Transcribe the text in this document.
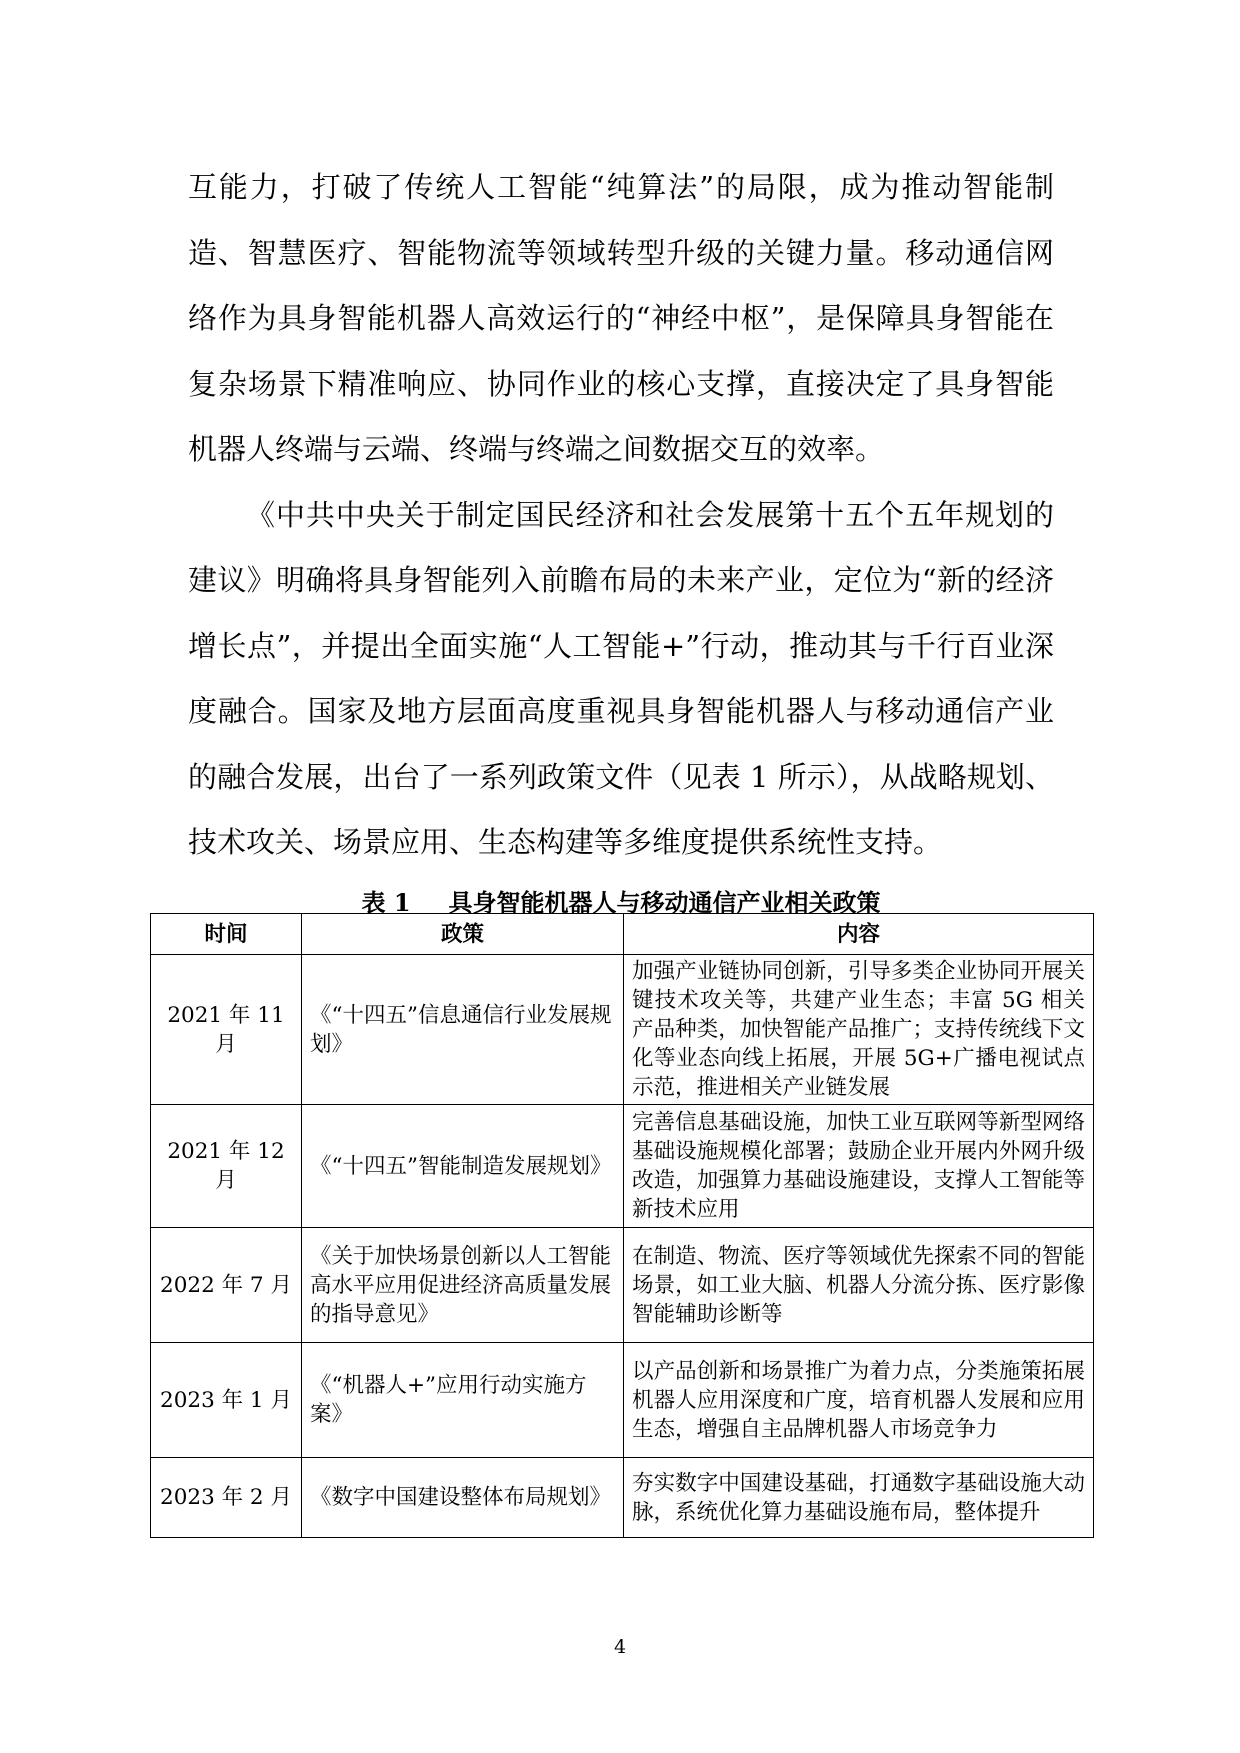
互能力，打破了传统人工智能“纯算法”的局限，成为推动智能制造、智慧医疗、智能物流等领域转型升级的关键力量。移动通信网络作为具身智能机器人高效运行的“神经中枢”，是保障具身智能在复杂场景下精准响应、协同作业的核心支撑，直接决定了具身智能机器人终端与云端、终端与终端之间数据交互的效率。

《中共中央关于制定国民经济和社会发展第十五个五年规划的建议》明确将具身智能列入前瞻布局的未来产业，定位为“新的经济增长点”，并提出全面实施“人工智能+”行动，推动其与千行百业深度融合。国家及地方层面高度重视具身智能机器人与移动通信产业的融合发展，出台了一系列政策文件（见表 1 所示），从战略规划、技术攻关、场景应用、生态构建等多维度提供系统性支持。

表 1 具身智能机器人与移动通信产业相关政策
时间	政策	内容
2021 年 11 月	《“十四五”信息通信行业发展规划》	加强产业链协同创新，引导多类企业协同开展关键技术攻关等，共建产业生态；丰富 5G 相关产品种类，加快智能产品推广；支持传统线下文化等业态向线上拓展，开展 5G+广播电视试点示范，推进相关产业链发展
2021 年 12 月	《“十四五”智能制造发展规划》	完善信息基础设施，加快工业互联网等新型网络基础设施规模化部署；鼓励企业开展内外网升级改造，加强算力基础设施建设，支撑人工智能等新技术应用
2022 年 7 月	《关于加快场景创新以人工智能高水平应用促进经济高质量发展的指导意见》	在制造、物流、医疗等领域优先探索不同的智能场景，如工业大脑、机器人分流分拣、医疗影像智能辅助诊断等
2023 年 1 月	《“机器人+”应用行动实施方案》	以产品创新和场景推广为着力点，分类施策拓展机器人应用深度和广度，培育机器人发展和应用生态，增强自主品牌机器人市场竞争力
2023 年 2 月	《数字中国建设整体布局规划》	夯实数字中国建设基础，打通数字基础设施大动脉，系统优化算力基础设施布局，整体提升
4
